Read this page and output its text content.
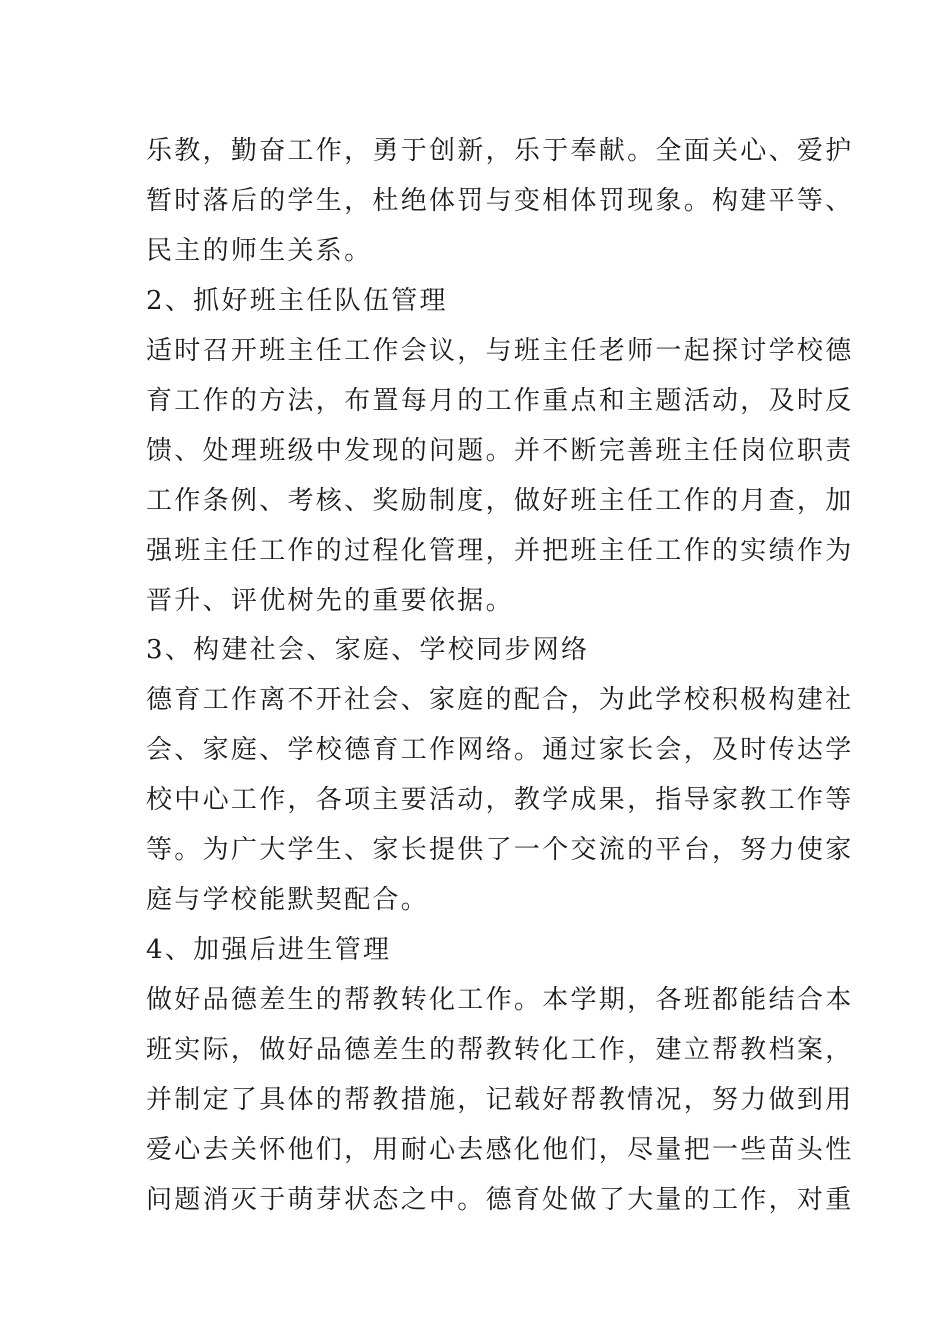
乐教，勤奋工作，勇于创新，乐于奉献。全面关心、爱护
暂时落后的学生，杜绝体罚与变相体罚现象。构建平等、
民主的师生关系。
2、抓好班主任队伍管理
适时召开班主任工作会议，与班主任老师一起探讨学校德
育工作的方法，布置每月的工作重点和主题活动，及时反
馈、处理班级中发现的问题。并不断完善班主任岗位职责
工作条例、考核、奖励制度，做好班主任工作的月查，加
强班主任工作的过程化管理，并把班主任工作的实绩作为
晋升、评优树先的重要依据。
3、构建社会、家庭、学校同步网络
德育工作离不开社会、家庭的配合，为此学校积极构建社
会、家庭、学校德育工作网络。通过家长会，及时传达学
校中心工作，各项主要活动，教学成果，指导家教工作等
等。为广大学生、家长提供了一个交流的平台，努力使家
庭与学校能默契配合。
4、加强后进生管理
做好品德差生的帮教转化工作。本学期，各班都能结合本
班实际，做好品德差生的帮教转化工作，建立帮教档案，
并制定了具体的帮教措施，记载好帮教情况，努力做到用
爱心去关怀他们，用耐心去感化他们，尽量把一些苗头性
问题消灭于萌芽状态之中。德育处做了大量的工作，对重
